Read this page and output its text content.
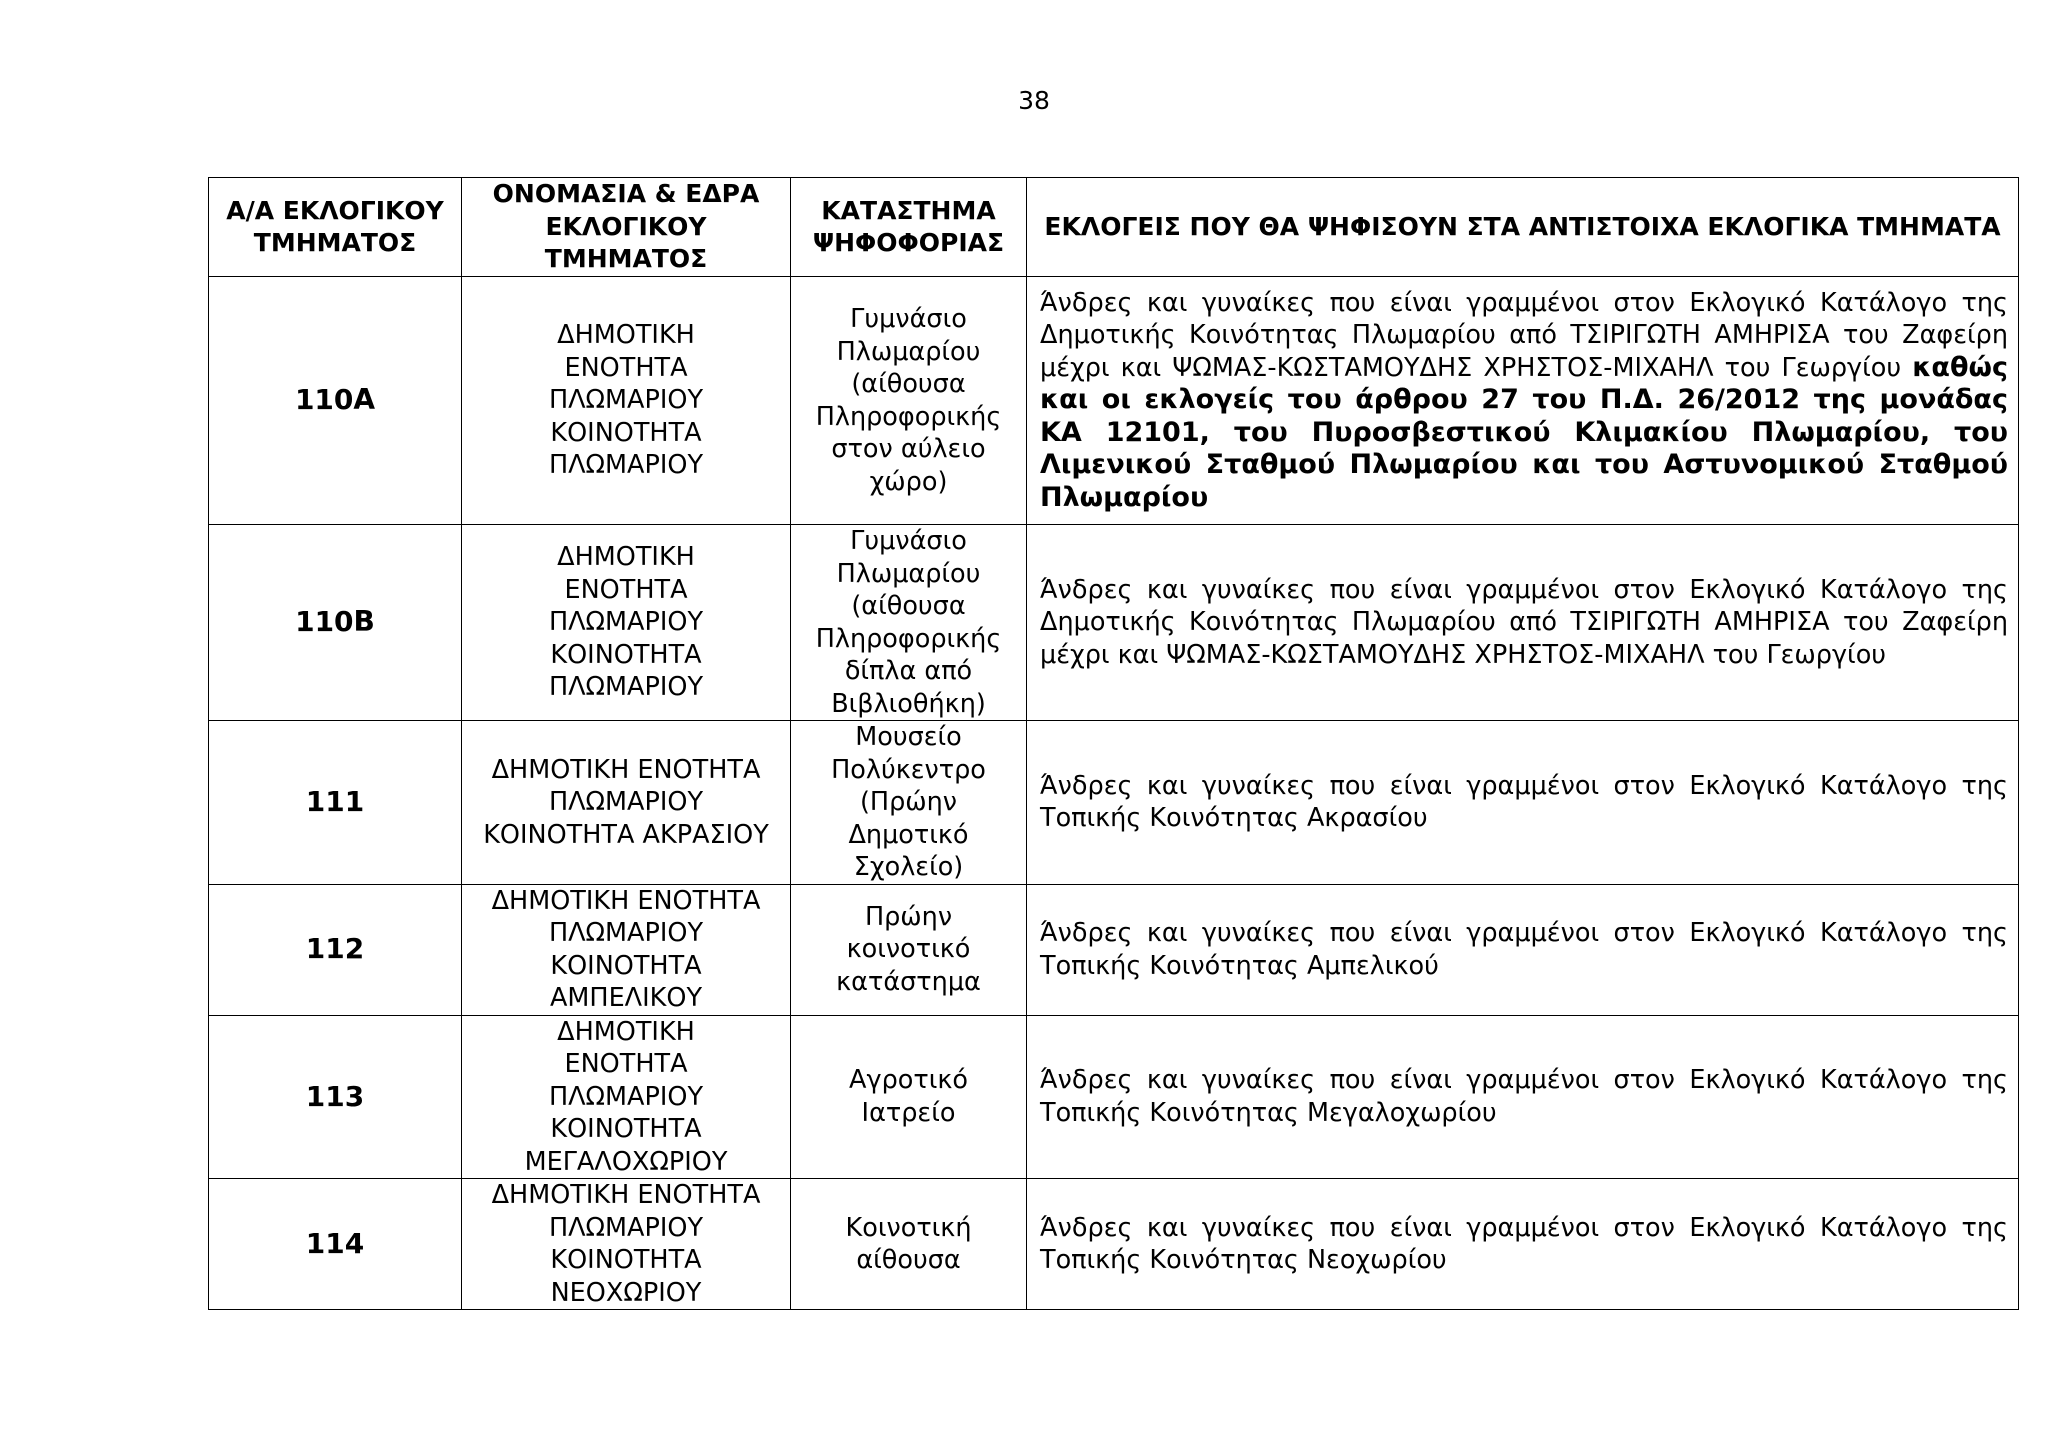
38
Α/Α ΕΚΛΟΓΙΚΟΥ ΤΜΗΜΑΤΟΣ	ΟΝΟΜΑΣΙΑ & ΕΔΡΑ ΕΚΛΟΓΙΚΟΥ ΤΜΗΜΑΤΟΣ	ΚΑΤΑΣΤΗΜΑ ΨΗΦΟΦΟΡΙΑΣ	ΕΚΛΟΓΕΙΣ ΠΟΥ ΘΑ ΨΗΦΙΣΟΥΝ ΣΤΑ ΑΝΤΙΣΤΟΙΧΑ ΕΚΛΟΓΙΚΑ ΤΜΗΜΑΤΑ
110Α	ΔΗΜΟΤΙΚΗ ΕΝΟΤΗΤΑ ΠΛΩΜΑΡΙΟΥ ΚΟΙΝΟΤΗΤΑ ΠΛΩΜΑΡΙΟΥ	Γυμνάσιο Πλωμαρίου (αίθουσα Πληροφορικής στον αύλειο χώρο)	Άνδρες και γυναίκες που είναι γραμμένοι στον Εκλογικό Κατάλογο της Δημοτικής Κοινότητας Πλωμαρίου από ΤΣΙΡΙΓΩΤΗ ΑΜΗΡΙΣΑ του Ζαφείρη μέχρι και ΨΩΜΑΣ-ΚΩΣΤΑΜΟΥΔΗΣ ΧΡΗΣΤΟΣ-ΜΙΧΑΗΛ του Γεωργίου καθώς και οι εκλογείς του άρθρου 27 του Π.Δ. 26/2012 της μονάδας ΚΑ 12101, του Πυροσβεστικού Κλιμακίου Πλωμαρίου, του Λιμενικού Σταθμού Πλωμαρίου και του Αστυνομικού Σταθμού Πλωμαρίου
110Β	ΔΗΜΟΤΙΚΗ ΕΝΟΤΗΤΑ ΠΛΩΜΑΡΙΟΥ ΚΟΙΝΟΤΗΤΑ ΠΛΩΜΑΡΙΟΥ	Γυμνάσιο Πλωμαρίου (αίθουσα Πληροφορικής δίπλα από Βιβλιοθήκη)	Άνδρες και γυναίκες που είναι γραμμένοι στον Εκλογικό Κατάλογο της Δημοτικής Κοινότητας Πλωμαρίου από ΤΣΙΡΙΓΩΤΗ ΑΜΗΡΙΣΑ του Ζαφείρη μέχρι και ΨΩΜΑΣ-ΚΩΣΤΑΜΟΥΔΗΣ ΧΡΗΣΤΟΣ-ΜΙΧΑΗΛ του Γεωργίου
111	ΔΗΜΟΤΙΚΗ ΕΝΟΤΗΤΑ ΠΛΩΜΑΡΙΟΥ ΚΟΙΝΟΤΗΤΑ ΑΚΡΑΣΙΟΥ	Μουσείο Πολύκεντρο (Πρώην Δημοτικό Σχολείο)	Άνδρες και γυναίκες που είναι γραμμένοι στον Εκλογικό Κατάλογο της Τοπικής Κοινότητας Ακρασίου
112	ΔΗΜΟΤΙΚΗ ΕΝΟΤΗΤΑ ΠΛΩΜΑΡΙΟΥ ΚΟΙΝΟΤΗΤΑ ΑΜΠΕΛΙΚΟΥ	Πρώην κοινοτικό κατάστημα	Άνδρες και γυναίκες που είναι γραμμένοι στον Εκλογικό Κατάλογο της Τοπικής Κοινότητας Αμπελικού
113	ΔΗΜΟΤΙΚΗ ΕΝΟΤΗΤΑ ΠΛΩΜΑΡΙΟΥ ΚΟΙΝΟΤΗΤΑ ΜΕΓΑΛΟΧΩΡΙΟΥ	Αγροτικό Ιατρείο	Άνδρες και γυναίκες που είναι γραμμένοι στον Εκλογικό Κατάλογο της Τοπικής Κοινότητας Μεγαλοχωρίου
114	ΔΗΜΟΤΙΚΗ ΕΝΟΤΗΤΑ ΠΛΩΜΑΡΙΟΥ ΚΟΙΝΟΤΗΤΑ ΝΕΟΧΩΡΙΟΥ	Κοινοτική αίθουσα	Άνδρες και γυναίκες που είναι γραμμένοι στον Εκλογικό Κατάλογο της Τοπικής Κοινότητας Νεοχωρίου
